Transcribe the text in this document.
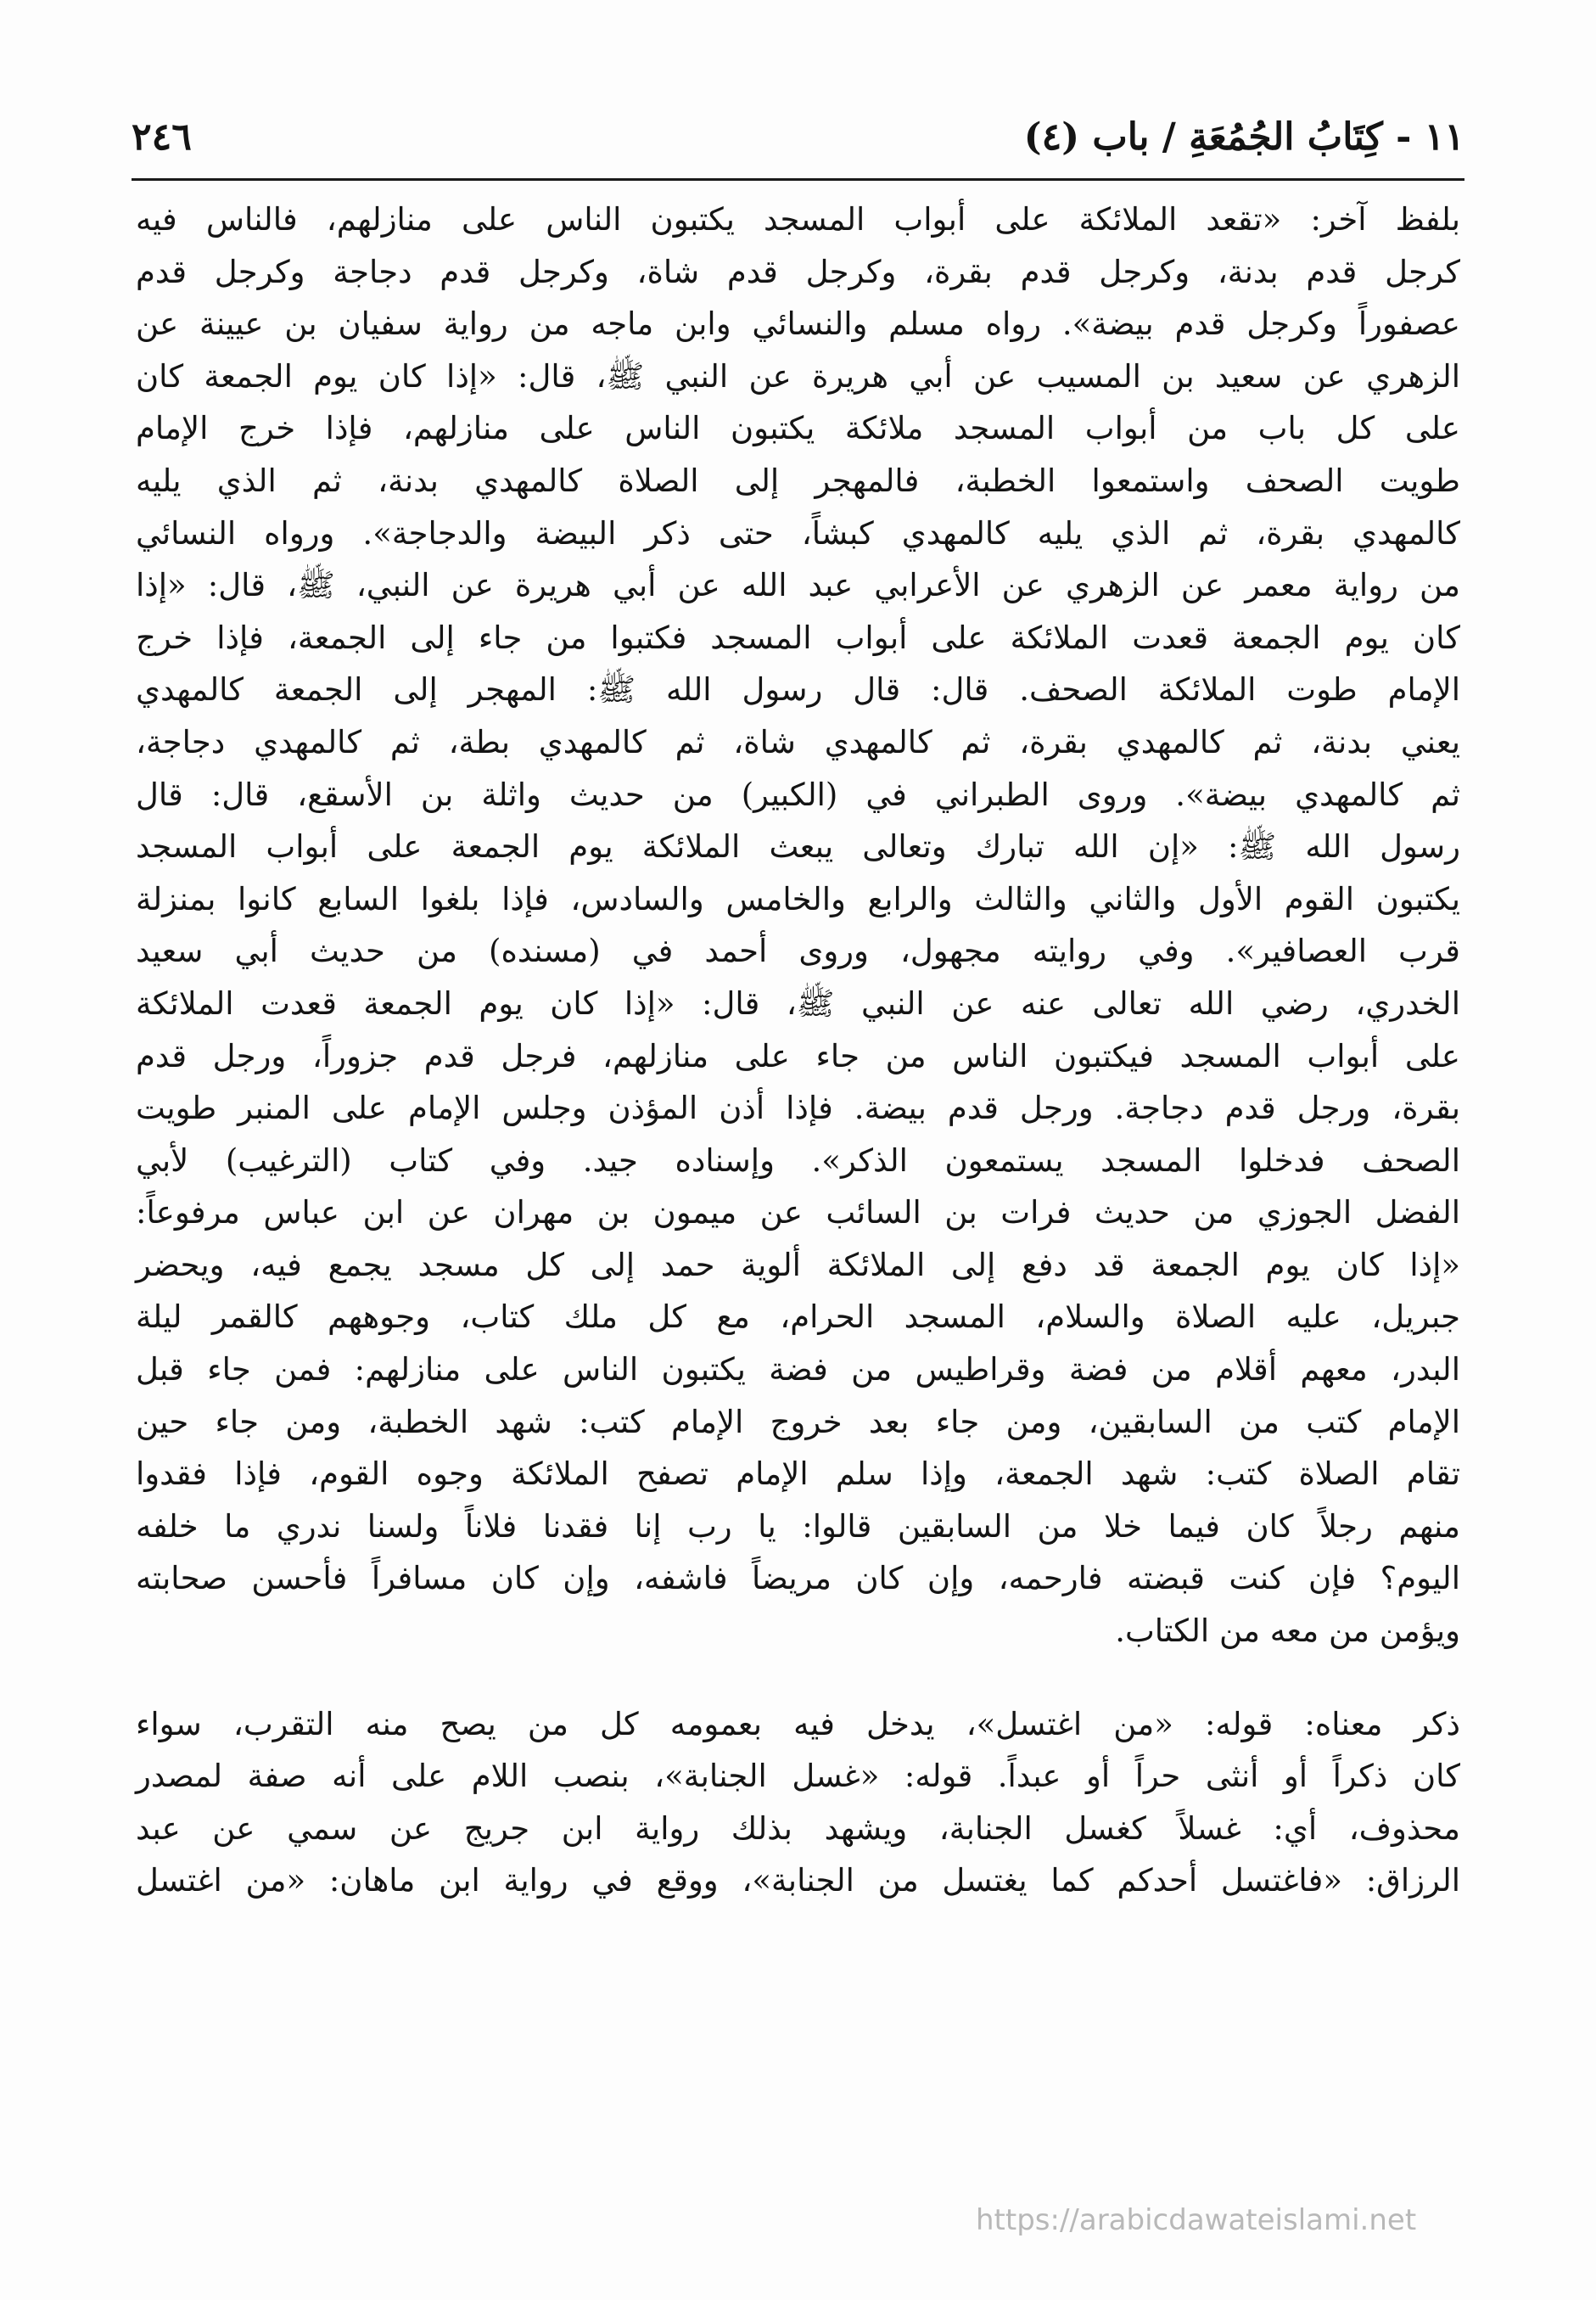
١١ - كِتَابُ الجُمُعَةِ / باب (٤)
٢٤٦
بلفظ آخر: «تقعد الملائكة على أبواب المسجد يكتبون الناس على منازلهم، فالناس فيه
كرجل قدم بدنة، وكرجل قدم بقرة، وكرجل قدم شاة، وكرجل قدم دجاجة وكرجل قدم
عصفوراً وكرجل قدم بيضة». رواه مسلم والنسائي وابن ماجه من رواية سفيان بن عيينة عن
الزهري عن سعيد بن المسيب عن أبي هريرة عن النبي ﷺ، قال: «إذا كان يوم الجمعة كان
على كل باب من أبواب المسجد ملائكة يكتبون الناس على منازلهم، فإذا خرج الإمام
طويت الصحف واستمعوا الخطبة، فالمهجر إلى الصلاة كالمهدي بدنة، ثم الذي يليه
كالمهدي بقرة، ثم الذي يليه كالمهدي كبشاً، حتى ذكر البيضة والدجاجة». ورواه النسائي
من رواية معمر عن الزهري عن الأعرابي عبد الله عن أبي هريرة عن النبي، ﷺ، قال: «إذا
كان يوم الجمعة قعدت الملائكة على أبواب المسجد فكتبوا من جاء إلى الجمعة، فإذا خرج
الإمام طوت الملائكة الصحف. قال: قال رسول الله ﷺ: المهجر إلى الجمعة كالمهدي
يعني بدنة، ثم كالمهدي بقرة، ثم كالمهدي شاة، ثم كالمهدي بطة، ثم كالمهدي دجاجة،
ثم كالمهدي بيضة». وروى الطبراني في (الكبير) من حديث واثلة بن الأسقع، قال: قال
رسول الله ﷺ: «إن الله تبارك وتعالى يبعث الملائكة يوم الجمعة على أبواب المسجد
يكتبون القوم الأول والثاني والثالث والرابع والخامس والسادس، فإذا بلغوا السابع كانوا بمنزلة
قرب العصافير». وفي روايته مجهول، وروى أحمد في (مسنده) من حديث أبي سعيد
الخدري، رضي الله تعالى عنه عن النبي ﷺ، قال: «إذا كان يوم الجمعة قعدت الملائكة
على أبواب المسجد فيكتبون الناس من جاء على منازلهم، فرجل قدم جزوراً، ورجل قدم
بقرة، ورجل قدم دجاجة. ورجل قدم بيضة. فإذا أذن المؤذن وجلس الإمام على المنبر طويت
الصحف فدخلوا المسجد يستمعون الذكر». وإسناده جيد. وفي كتاب (الترغيب) لأبي
الفضل الجوزي من حديث فرات بن السائب عن ميمون بن مهران عن ابن عباس مرفوعاً:
«إذا كان يوم الجمعة قد دفع إلى الملائكة ألوية حمد إلى كل مسجد يجمع فيه، ويحضر
جبريل، عليه الصلاة والسلام، المسجد الحرام، مع كل ملك كتاب، وجوههم كالقمر ليلة
البدر، معهم أقلام من فضة وقراطيس من فضة يكتبون الناس على منازلهم: فمن جاء قبل
الإمام كتب من السابقين، ومن جاء بعد خروج الإمام كتب: شهد الخطبة، ومن جاء حين
تقام الصلاة كتب: شهد الجمعة، وإذا سلم الإمام تصفح الملائكة وجوه القوم، فإذا فقدوا
منهم رجلاً كان فيما خلا من السابقين قالوا: يا رب إنا فقدنا فلاناً ولسنا ندري ما خلفه
اليوم؟ فإن كنت قبضته فارحمه، وإن كان مريضاً فاشفه، وإن كان مسافراً فأحسن صحابته
ويؤمن من معه من الكتاب.
ذكر معناه: قوله: «من اغتسل»، يدخل فيه بعمومه كل من يصح منه التقرب، سواء
كان ذكراً أو أنثى حراً أو عبداً. قوله: «غسل الجنابة»، بنصب اللام على أنه صفة لمصدر
محذوف، أي: غسلاً كغسل الجنابة، ويشهد بذلك رواية ابن جريج عن سمي عن عبد
الرزاق: «فاغتسل أحدكم كما يغتسل من الجنابة»، ووقع في رواية ابن ماهان: «من اغتسل
https://arabicdawateislami.net
